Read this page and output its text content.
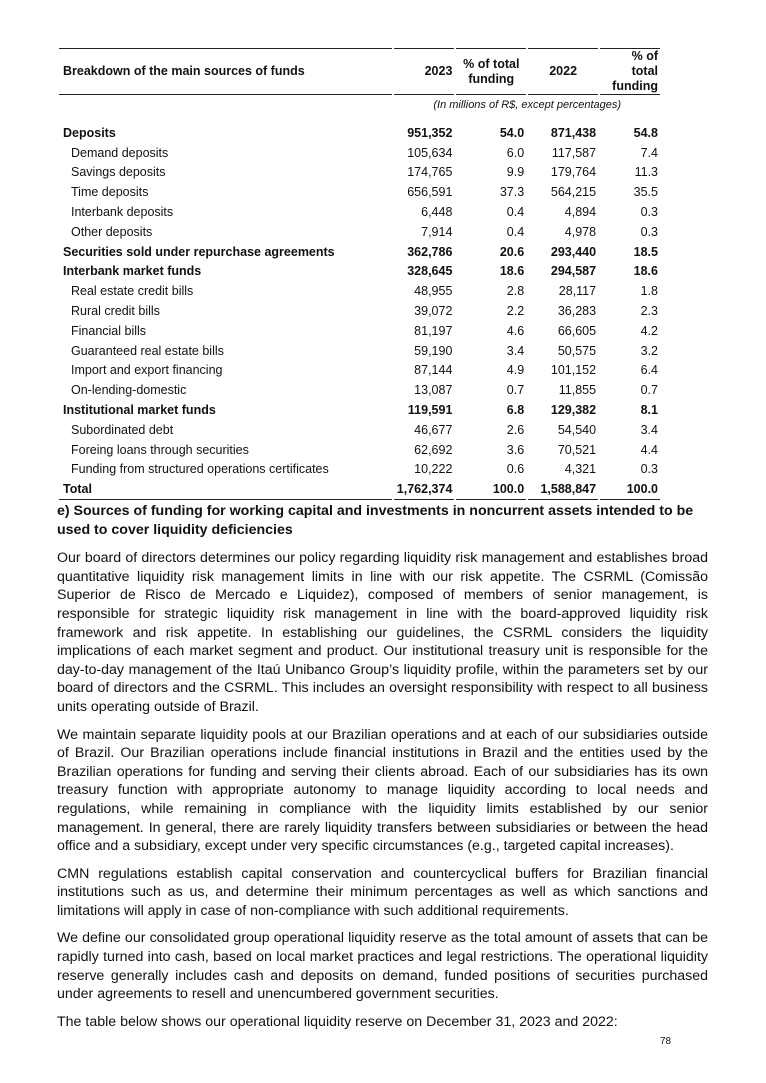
Breakdown of the main sources of funds	2023	% of total funding	2022	% of total funding
	(In millions of R$, except percentages)			
Deposits	951,352	54.0	871,438	54.8
Demand deposits	105,634	6.0	117,587	7.4
Savings deposits	174,765	9.9	179,764	11.3
Time deposits	656,591	37.3	564,215	35.5
Interbank deposits	6,448	0.4	4,894	0.3
Other deposits	7,914	0.4	4,978	0.3
Securities sold under repurchase agreements	362,786	20.6	293,440	18.5
Interbank market funds	328,645	18.6	294,587	18.6
Real estate credit bills	48,955	2.8	28,117	1.8
Rural credit bills	39,072	2.2	36,283	2.3
Financial bills	81,197	4.6	66,605	4.2
Guaranteed real estate bills	59,190	3.4	50,575	3.2
Import and export financing	87,144	4.9	101,152	6.4
On-lending-domestic	13,087	0.7	11,855	0.7
Institutional market funds	119,591	6.8	129,382	8.1
Subordinated debt	46,677	2.6	54,540	3.4
Foreing loans through securities	62,692	3.6	70,521	4.4
Funding from structured operations certificates	10,222	0.6	4,321	0.3
Total	1,762,374	100.0	1,588,847	100.0
e) Sources of funding for working capital and investments in noncurrent assets intended to be used to cover liquidity deficiencies

Our board of directors determines our policy regarding liquidity risk management and establishes broad quantitative liquidity risk management limits in line with our risk appetite. The CSRML (Comissão Superior de Risco de Mercado e Liquidez), composed of members of senior management, is responsible for strategic liquidity risk management in line with the board-approved liquidity risk framework and risk appetite. In establishing our guidelines, the CSRML considers the liquidity implications of each market segment and product. Our institutional treasury unit is responsible for the day-to-day management of the Itaú Unibanco Group’s liquidity profile, within the parameters set by our board of directors and the CSRML. This includes an oversight responsibility with respect to all business units operating outside of Brazil.

We maintain separate liquidity pools at our Brazilian operations and at each of our subsidiaries outside of Brazil. Our Brazilian operations include financial institutions in Brazil and the entities used by the Brazilian operations for funding and serving their clients abroad. Each of our subsidiaries has its own treasury function with appropriate autonomy to manage liquidity according to local needs and regulations, while remaining in compliance with the liquidity limits established by our senior management. In general, there are rarely liquidity transfers between subsidiaries or between the head office and a subsidiary, except under very specific circumstances (e.g., targeted capital increases).

CMN regulations establish capital conservation and countercyclical buffers for Brazilian financial institutions such as us, and determine their minimum percentages as well as which sanctions and limitations will apply in case of non-compliance with such additional requirements.

We define our consolidated group operational liquidity reserve as the total amount of assets that can be rapidly turned into cash, based on local market practices and legal restrictions. The operational liquidity reserve generally includes cash and deposits on demand, funded positions of securities purchased under agreements to resell and unencumbered government securities.

The table below shows our operational liquidity reserve on December 31, 2023 and 2022:

78
